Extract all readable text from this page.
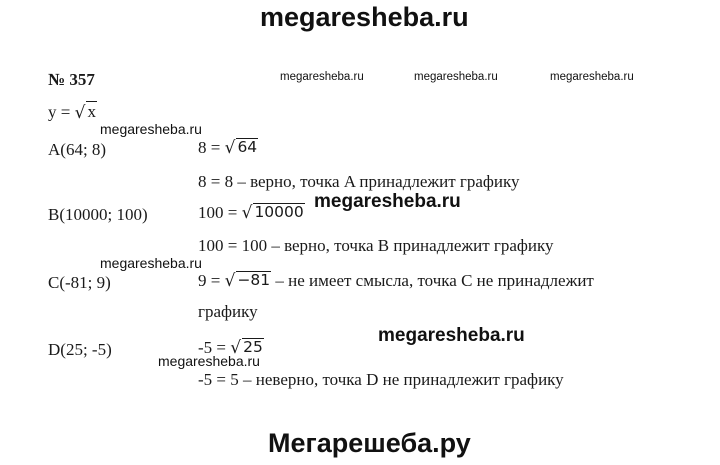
megaresheba.ru
№ 357	megaresheba.ru	megaresheba.ru	megaresheba.ru
y = √ x
megaresheba.ru
A(64; 8)	8 = √ 64
8 = 8 – верно, точка A принадлежит графику
B(10000; 100)	100 = √ 10000
megaresheba.ru
100 = 100 – верно, точка B принадлежит графику
megaresheba.ru
C(-81; 9)	9 = √ −81 – не имеет смысла, точка C не принадлежит
графику
megaresheba.ru
D(25; -5)	-5 = √ 25
megaresheba.ru
-5 = 5 – неверно, точка D не принадлежит графику
Мегарешеба.ру
